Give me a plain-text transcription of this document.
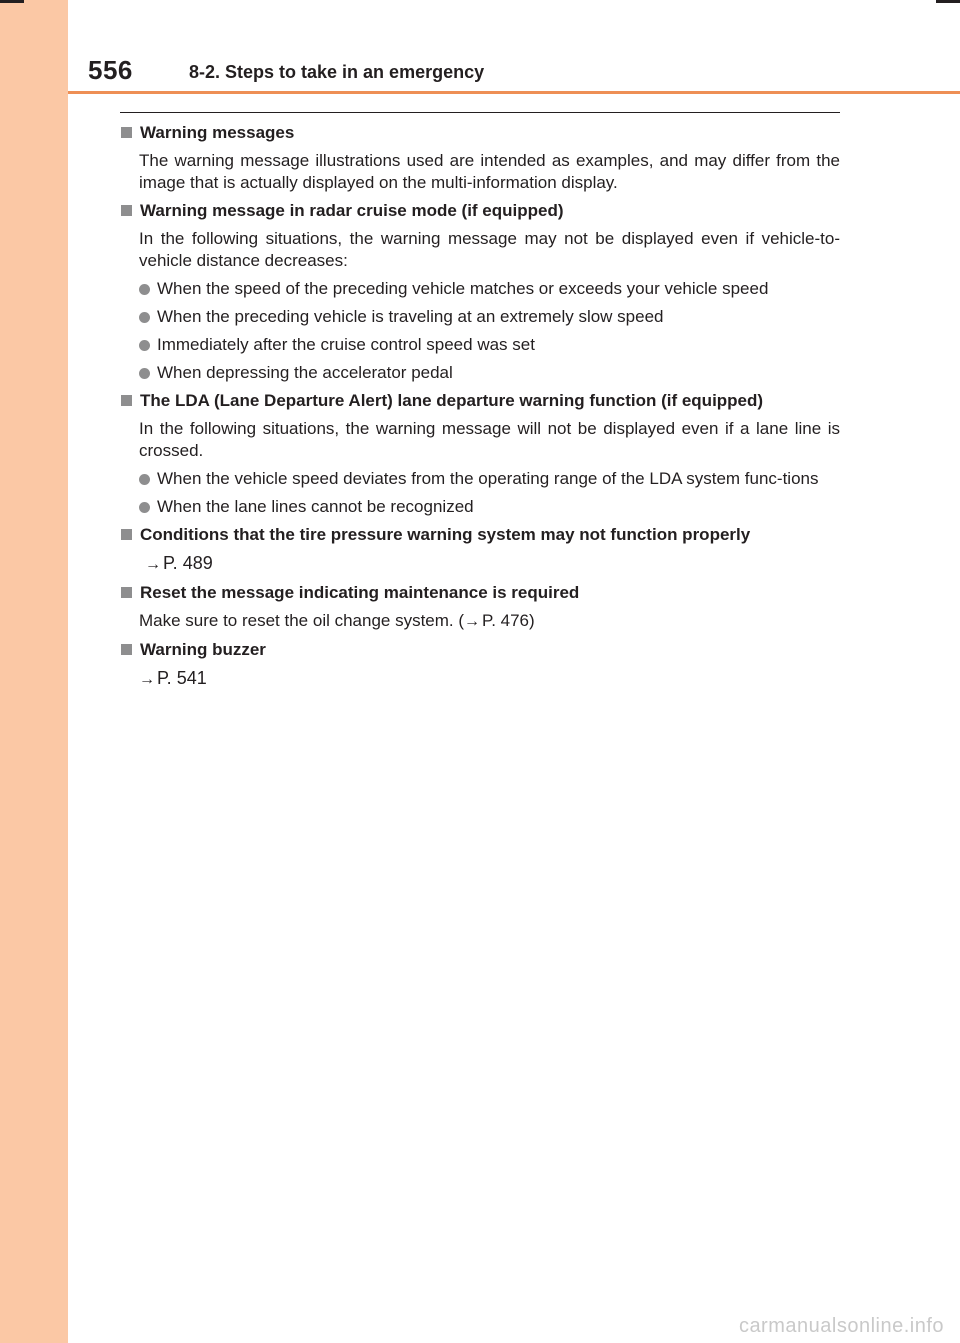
556	8-2. Steps to take in an emergency
Warning messages
The warning message illustrations used are intended as examples, and may differ from the image that is actually displayed on the multi-information display.
Warning message in radar cruise mode (if equipped)
In the following situations, the warning message may not be displayed even if vehicle-to-vehicle distance decreases:
When the speed of the preceding vehicle matches or exceeds your vehicle speed
When the preceding vehicle is traveling at an extremely slow speed
Immediately after the cruise control speed was set
When depressing the accelerator pedal
The LDA (Lane Departure Alert) lane departure warning function (if equipped)
In the following situations, the warning message will not be displayed even if a lane line is crossed.
When the vehicle speed deviates from the operating range of the LDA system func-tions
When the lane lines cannot be recognized
Conditions that the tire pressure warning system may not function properly
→ P. 489
Reset the message indicating maintenance is required
Make sure to reset the oil change system. (→ P. 476)
Warning buzzer
→ P. 541
carmanualsonline.info
